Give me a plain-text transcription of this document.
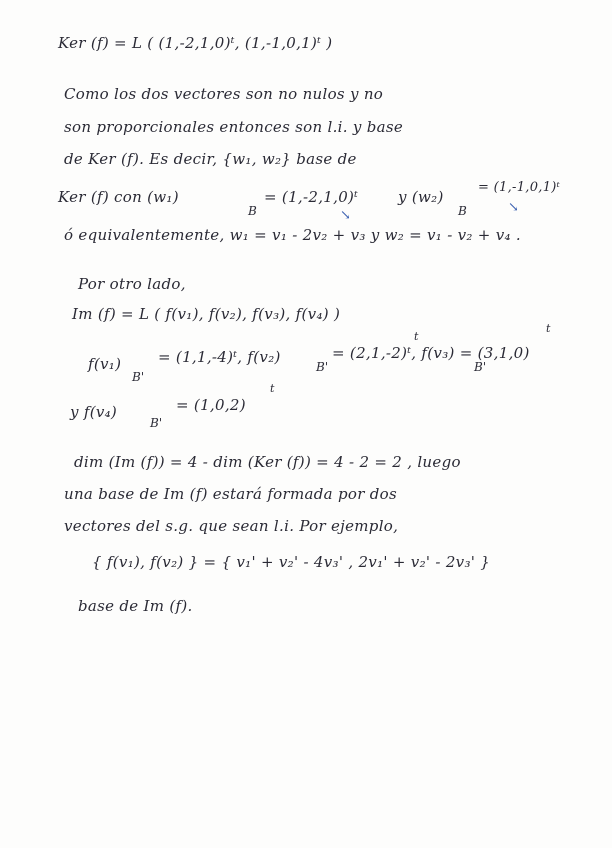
Ker (f) = L ( (1,-2,1,0)ᵗ, (1,-1,0,1)ᵗ )
Como los dos vectores son no nulos y no
son proporcionales entonces son l.i. y base
de Ker (f). Es decir, {w₁, w₂} base de
Ker (f) con (w₁)
B
= (1,-2,1,0)ᵗ	y (w₂)
B
= (1,-1,0,1)ᵗ
↘
↘
ó equivalentemente, w₁ = v₁ - 2v₂ + v₃ y w₂ = v₁ - v₂ + v₄ .
Por otro lado,
Im (f) = L ( f(v₁), f(v₂), f(v₃), f(v₄) )
f(v₁)
B'
= (1,1,-4)ᵗ, f(v₂)
B'
= (2,1,-2)ᵗ, f(v₃) = (3,1,0)
B'
t
t
y f(v₄)
B'
= (1,0,2)
t
dim (Im (f)) = 4 - dim (Ker (f)) = 4 - 2 = 2 , luego
una base de Im (f) estará formada por dos
vectores del s.g. que sean l.i. Por ejemplo,
{ f(v₁), f(v₂) } = { v₁' + v₂' - 4v₃' , 2v₁' + v₂' - 2v₃' }
base de Im (f).
